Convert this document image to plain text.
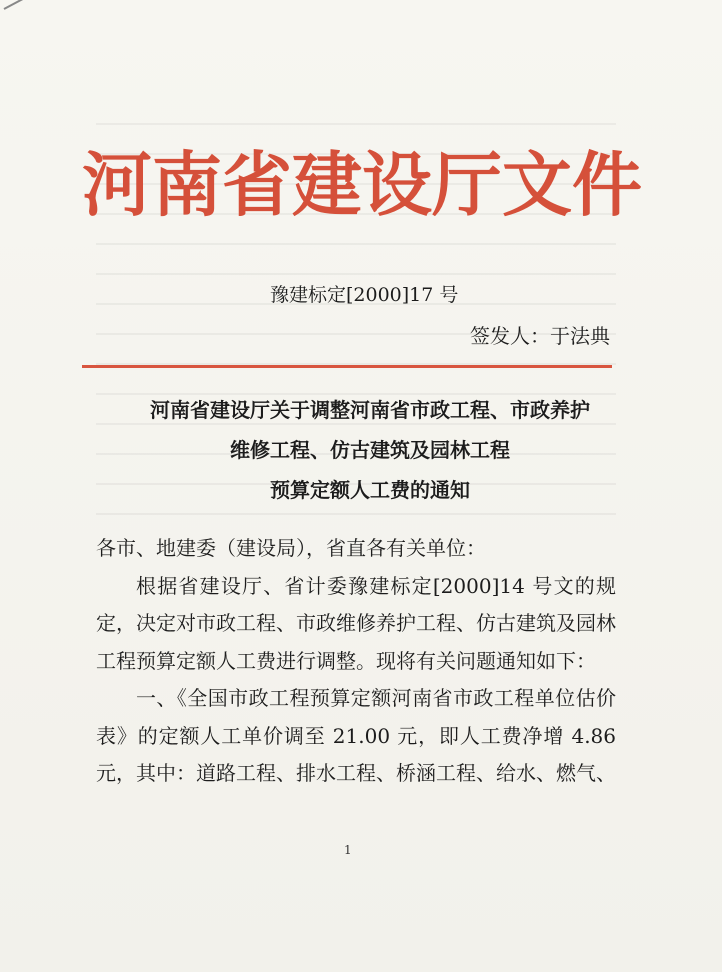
河南省建设厅文件
豫建标定[2000]17 号
签发人：于法典
河南省建设厅关于调整河南省市政工程、市政养护
维修工程、仿古建筑及园林工程
预算定额人工费的通知

各市、地建委（建设局），省直各有关单位：

根据省建设厅、省计委豫建标定[2000]14 号文的规定，决定对市政工程、市政维修养护工程、仿古建筑及园林工程预算定额人工费进行调整。现将有关问题通知如下：

一、《全国市政工程预算定额河南省市政工程单位估价表》的定额人工单价调至 21.00 元，即人工费净增 4.86 元，其中：道路工程、排水工程、桥涵工程、给水、燃气、

1
